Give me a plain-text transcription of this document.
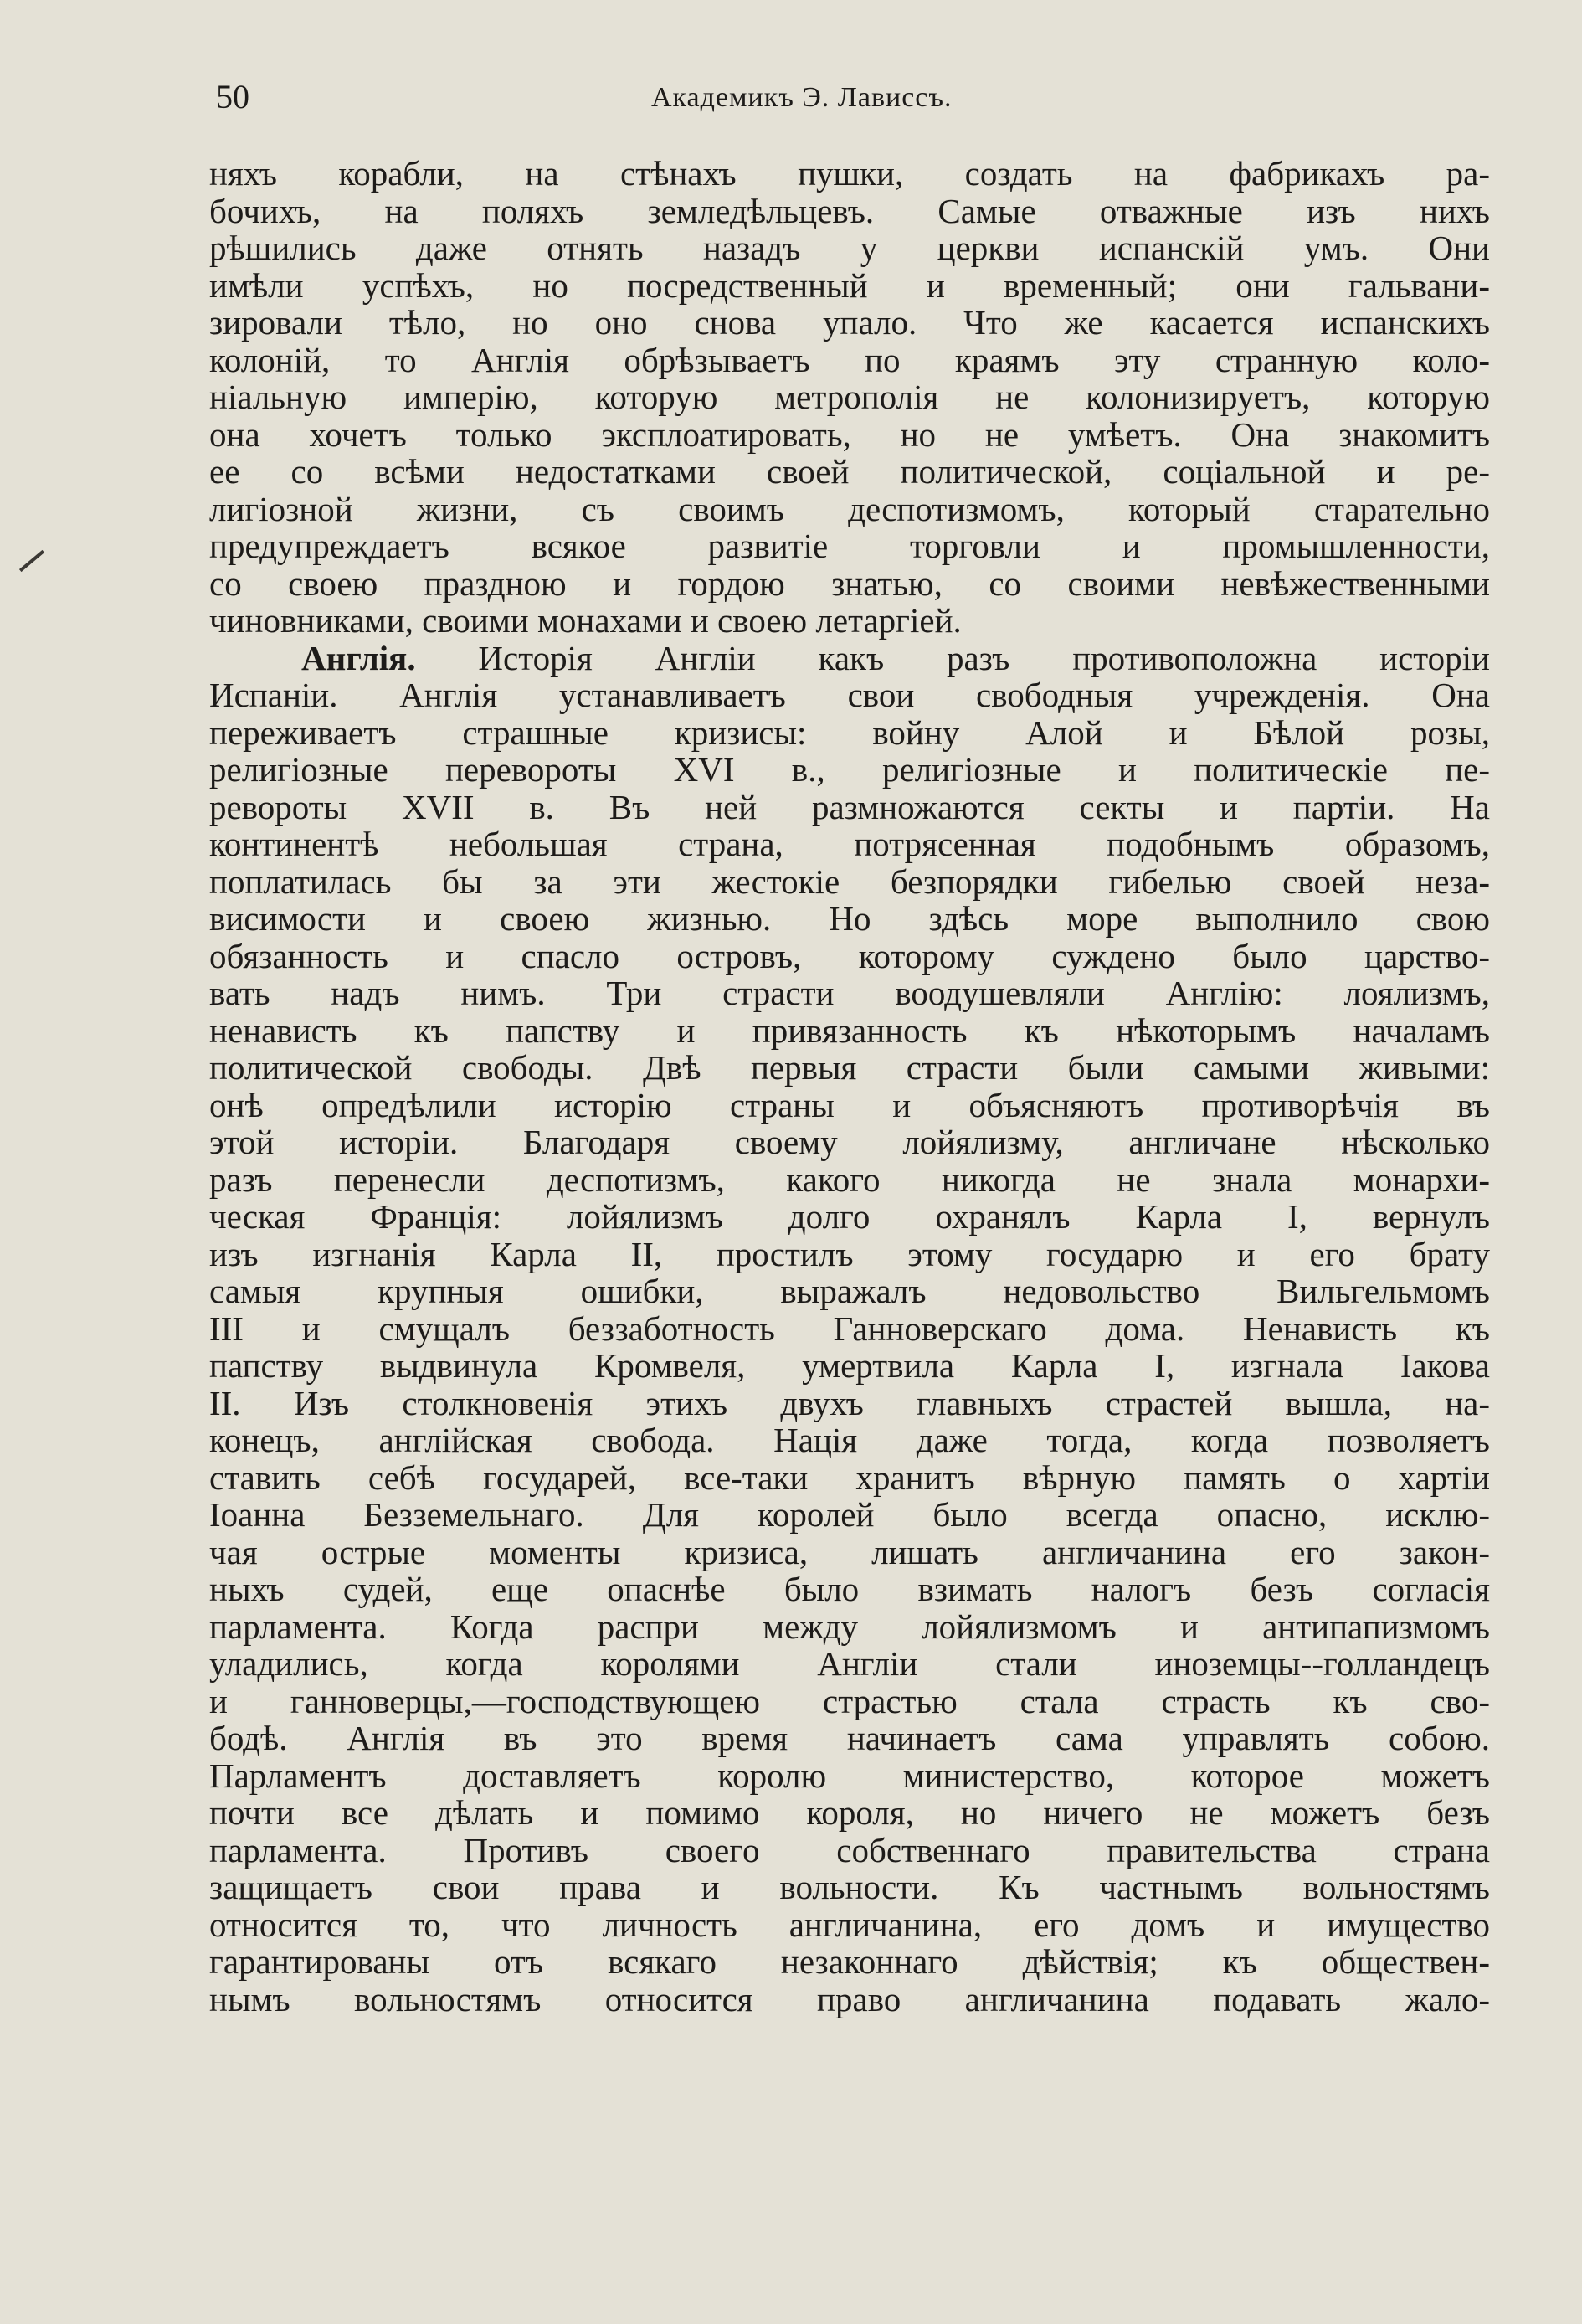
50	Академикъ Э. Лависсъ.
няхъ корабли, на стѣнахъ пушки, создать на фабрикахъ ра-
бочихъ, на поляхъ земледѣльцевъ. Самые отважные изъ нихъ
рѣшились даже отнять назадъ у церкви испанскій умъ. Они
имѣли успѣхъ, но посредственный и временный; они гальвани-
зировали тѣло, но оно снова упало. Что же касается испанскихъ
колоній, то Англія обрѣзываетъ по краямъ эту странную коло-
ніальную имперію, которую метрополія не колонизируетъ, которую
она хочетъ только эксплоатировать, но не умѣетъ. Она знакомитъ
ее со всѣми недостатками своей политической, соціальной и ре-
лигіозной жизни, съ своимъ деспотизмомъ, который старательно
предупреждаетъ всякое развитіе торговли и промышленности,
со своею праздною и гордою знатью, со своими невѣжественными
чиновниками, своими монахами и своею летаргіей.
Англія. Исторія Англіи какъ разъ противоположна исторіи
Испаніи. Англія устанавливаетъ свои свободныя учрежденія. Она
переживаетъ страшные кризисы: войну Алой и Бѣлой розы,
религіозные перевороты XVI в., религіозные и политическіе пе-
ревороты XVII в. Въ ней размножаются секты и партіи. На
континентѣ небольшая страна, потрясенная подобнымъ образомъ,
поплатилась бы за эти жестокіе безпорядки гибелью своей неза-
висимости и своею жизнью. Но здѣсь море выполнило свою
обязанность и спасло островъ, которому суждено было царство-
вать надъ нимъ. Три страсти воодушевляли Англію: лоялизмъ,
ненависть къ папству и привязанность къ нѣкоторымъ началамъ
политической свободы. Двѣ первыя страсти были самыми живыми:
онѣ опредѣлили исторію страны и объясняютъ противорѣчія въ
этой исторіи. Благодаря своему лойялизму, англичане нѣсколько
разъ перенесли деспотизмъ, какого никогда не знала монархи-
ческая Франція: лойялизмъ долго охранялъ Карла I, вернулъ
изъ изгнанія Карла II, простилъ этому государю и его брату
самыя крупныя ошибки, выражалъ недовольство Вильгельмомъ
III и смущалъ беззаботность Ганноверскаго дома. Ненависть къ
папству выдвинула Кромвеля, умертвила Карла I, изгнала Іакова
II. Изъ столкновенія этихъ двухъ главныхъ страстей вышла, на-
конецъ, англійская свобода. Нація даже тогда, когда позволяетъ
ставить себѣ государей, все-таки хранитъ вѣрную память о хартіи
Іоанна Безземельнаго. Для королей было всегда опасно, исклю-
чая острые моменты кризиса, лишать англичанина его закон-
ныхъ судей, еще опаснѣе было взимать налогъ безъ согласія
парламента. Когда распри между лойялизмомъ и антипапизмомъ
уладились, когда королями Англіи стали иноземцы--голландецъ
и ганноверцы,—господствующею страстью стала страсть къ сво-
бодѣ. Англія въ это время начинаетъ сама управлять собою.
Парламентъ доставляетъ королю министерство, которое можетъ
почти все дѣлать и помимо короля, но ничего не можетъ безъ
парламента. Противъ своего собственнаго правительства страна
защищаетъ свои права и вольности. Къ частнымъ вольностямъ
относится то, что личность англичанина, его домъ и имущество
гарантированы отъ всякаго незаконнаго дѣйствія; къ обществен-
нымъ вольностямъ относится право англичанина подавать жало-
